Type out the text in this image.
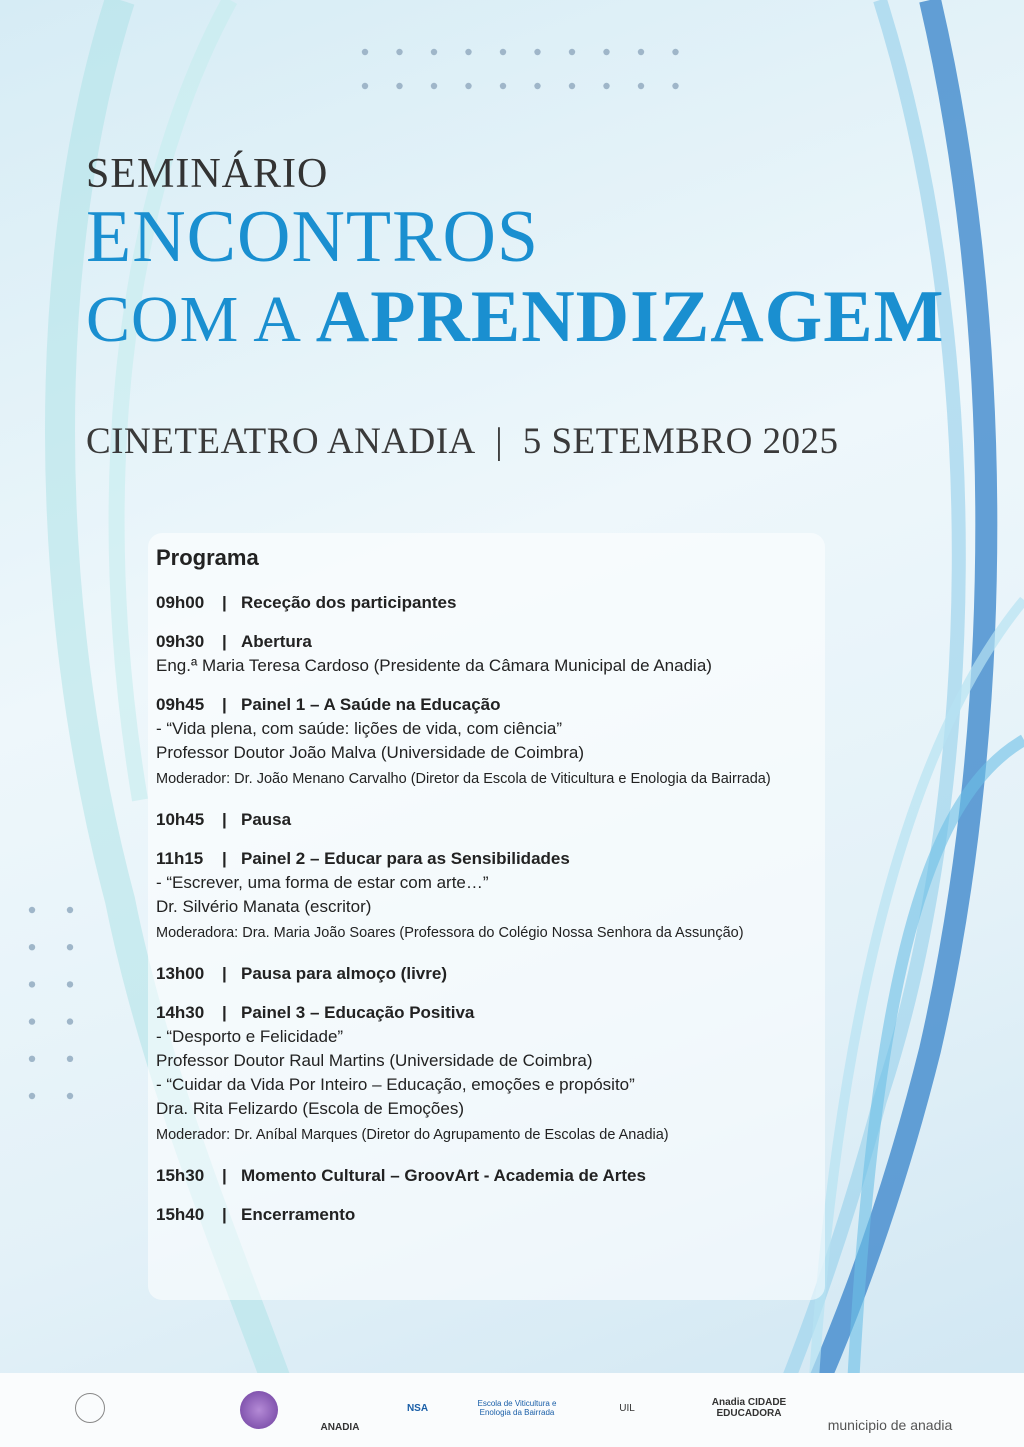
SEMINÁRIO
ENCONTROS
COM A APRENDIZAGEM
CINETEATRO ANADIA | 5 SETEMBRO 2025
Programa
09h00	| Receção dos participantes
09h30	| Abertura
Eng.ª Maria Teresa Cardoso (Presidente da Câmara Municipal de Anadia)
09h45	| Painel 1 – A Saúde na Educação
- “Vida plena, com saúde: lições de vida, com ciência”
Professor Doutor João Malva (Universidade de Coimbra)
Moderador: Dr. João Menano Carvalho (Diretor da Escola de Viticultura e Enologia da Bairrada)
10h45	| Pausa
11h15	| Painel 2 – Educar para as Sensibilidades
- “Escrever, uma forma de estar com arte…”
Dr. Silvério Manata (escritor)
Moderadora: Dra. Maria João Soares (Professora do Colégio Nossa Senhora da Assunção)
13h00	| Pausa para almoço (livre)
14h30	| Painel 3 – Educação Positiva
- “Desporto e Felicidade”
Professor Doutor Raul Martins (Universidade de Coimbra)
- “Cuidar da Vida Por Inteiro – Educação, emoções e propósito”
Dra. Rita Felizardo (Escola de Emoções)
Moderador: Dr. Aníbal Marques (Diretor do Agrupamento de Escolas de Anadia)
15h30	| Momento Cultural – GroovArt - Academia de Artes
15h40	| Encerramento
ANADIA
NSA	Escola de Viticultura e Enologia da Bairrada	UIL	Anadia CIDADE EDUCADORA
municipio de anadia
